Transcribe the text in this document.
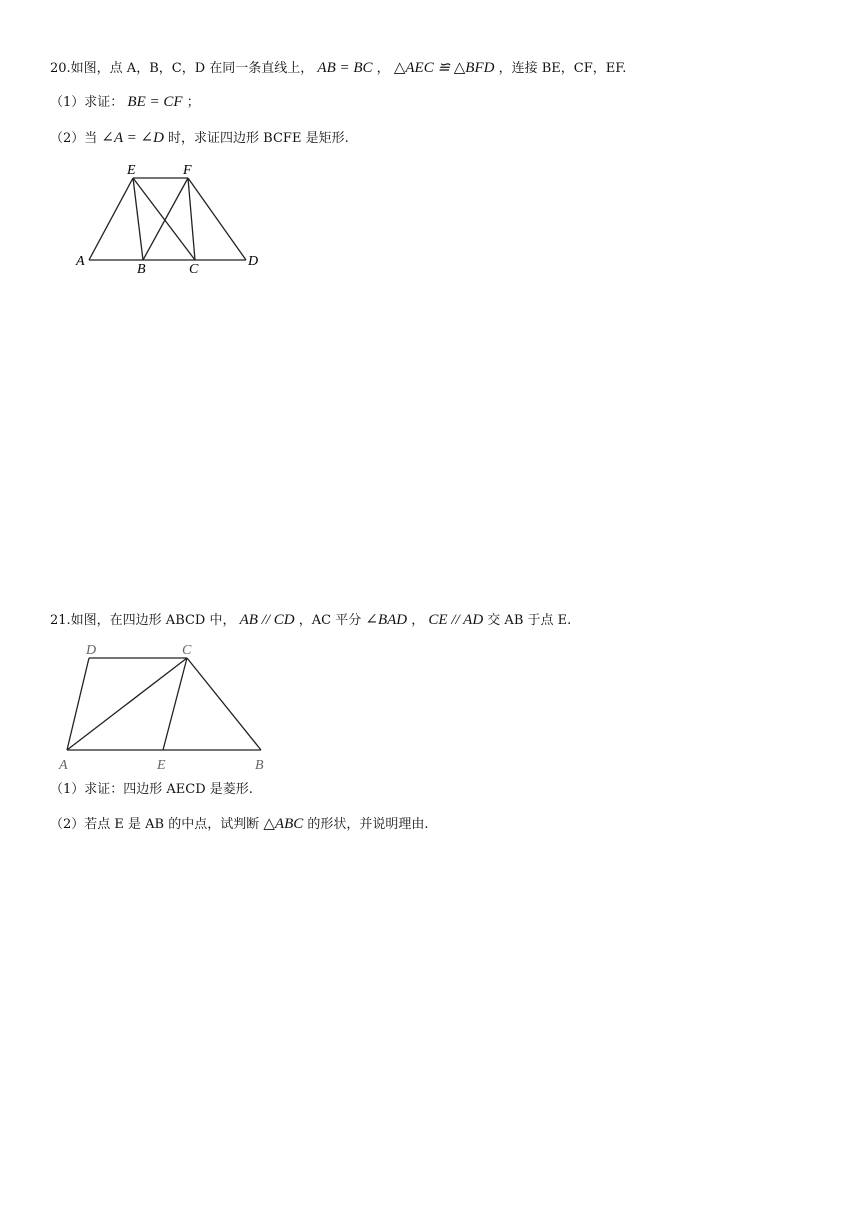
20.如图，点 A，B，C，D 在同一条直线上， AB = BC ， △AEC ≌ △BFD ，连接 BE，CF，EF.
（1）求证： BE = CF ；
（2）当 ∠A = ∠D 时，求证四边形 BCFE 是矩形.
A
B	C
D
E	F
21.如图，在四边形 ABCD 中， AB // CD ，AC 平分 ∠BAD ， CE // AD 交 AB 于点 E.
D	C
A	E	B
（1）求证：四边形 AECD 是菱形.
（2）若点 E 是 AB 的中点，试判断 △ABC 的形状，并说明理由.
